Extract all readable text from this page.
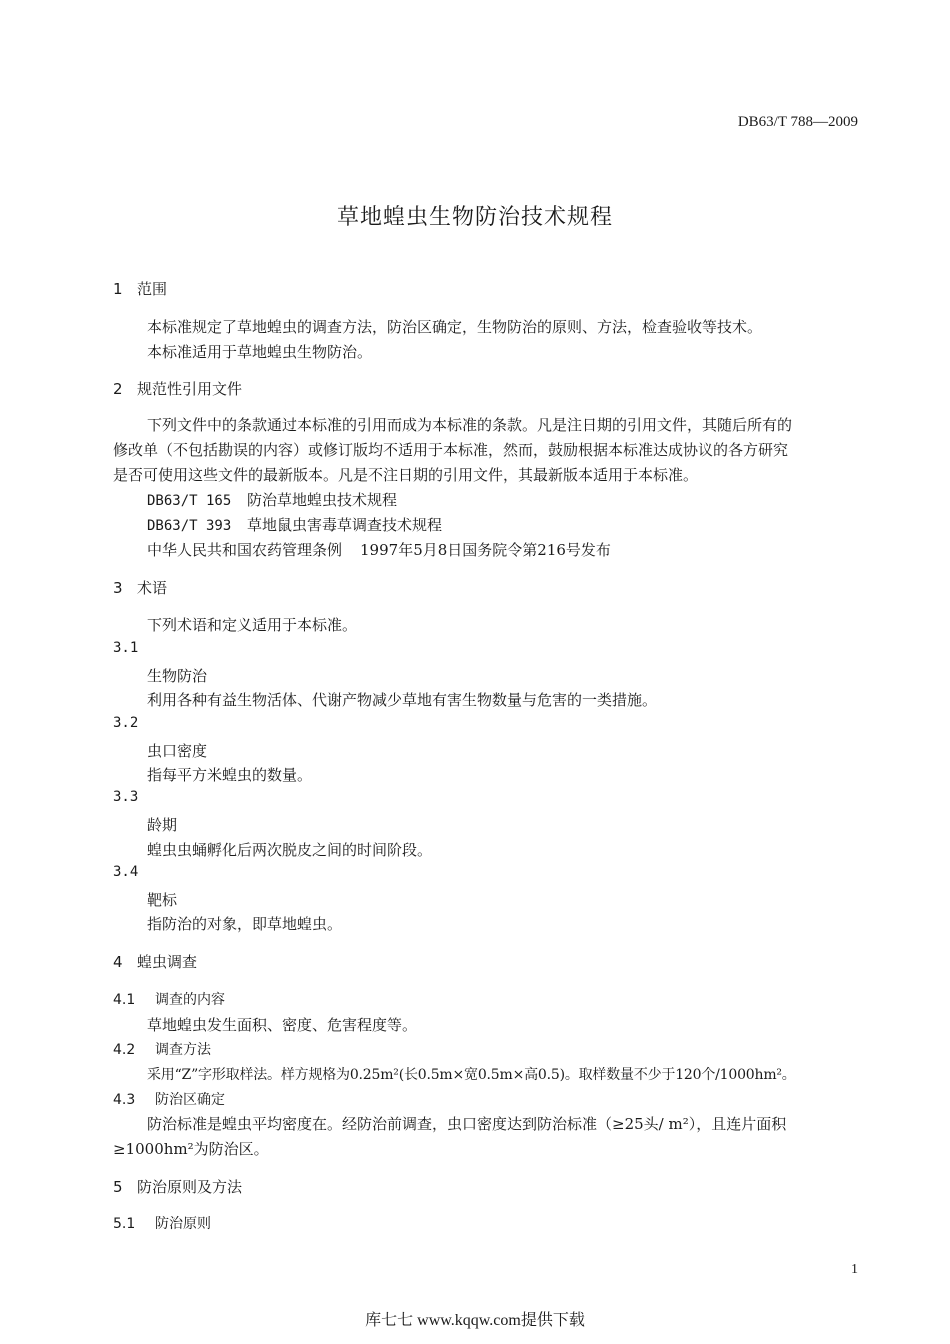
DB63/T 788—2009
草地蝗虫生物防治技术规程
1 范围
本标准规定了草地蝗虫的调查方法，防治区确定，生物防治的原则、方法，检查验收等技术。
本标准适用于草地蝗虫生物防治。
2 规范性引用文件
下列文件中的条款通过本标准的引用而成为本标准的条款。凡是注日期的引用文件，其随后所有的
修改单（不包括勘误的内容）或修订版均不适用于本标准，然而，鼓励根据本标准达成协议的各方研究
是否可使用这些文件的最新版本。凡是不注日期的引用文件，其最新版本适用于本标准。
DB63/T 165 防治草地蝗虫技术规程
DB63/T 393 草地鼠虫害毒草调查技术规程
中华人民共和国农药管理条例 1997年5月8日国务院令第216号发布
3 术语
下列术语和定义适用于本标准。
3.1
生物防治
利用各种有益生物活体、代谢产物减少草地有害生物数量与危害的一类措施。
3.2
虫口密度
指每平方米蝗虫的数量。
3.3
龄期
蝗虫虫蛹孵化后两次脱皮之间的时间阶段。
3.4
靶标
指防治的对象，即草地蝗虫。
4 蝗虫调查
4.1 调查的内容
草地蝗虫发生面积、密度、危害程度等。
4.2 调查方法
采用“Z”字形取样法。样方规格为0.25m²(长0.5m×宽0.5m×高0.5)。取样数量不少于120个/1000hm²。
4.3 防治区确定
防治标准是蝗虫平均密度在。经防治前调查，虫口密度达到防治标准（≥25头/ m²），且连片面积
≥1000hm²为防治区。
5 防治原则及方法
5.1 防治原则
1
库七七 www.kqqw.com提供下载
